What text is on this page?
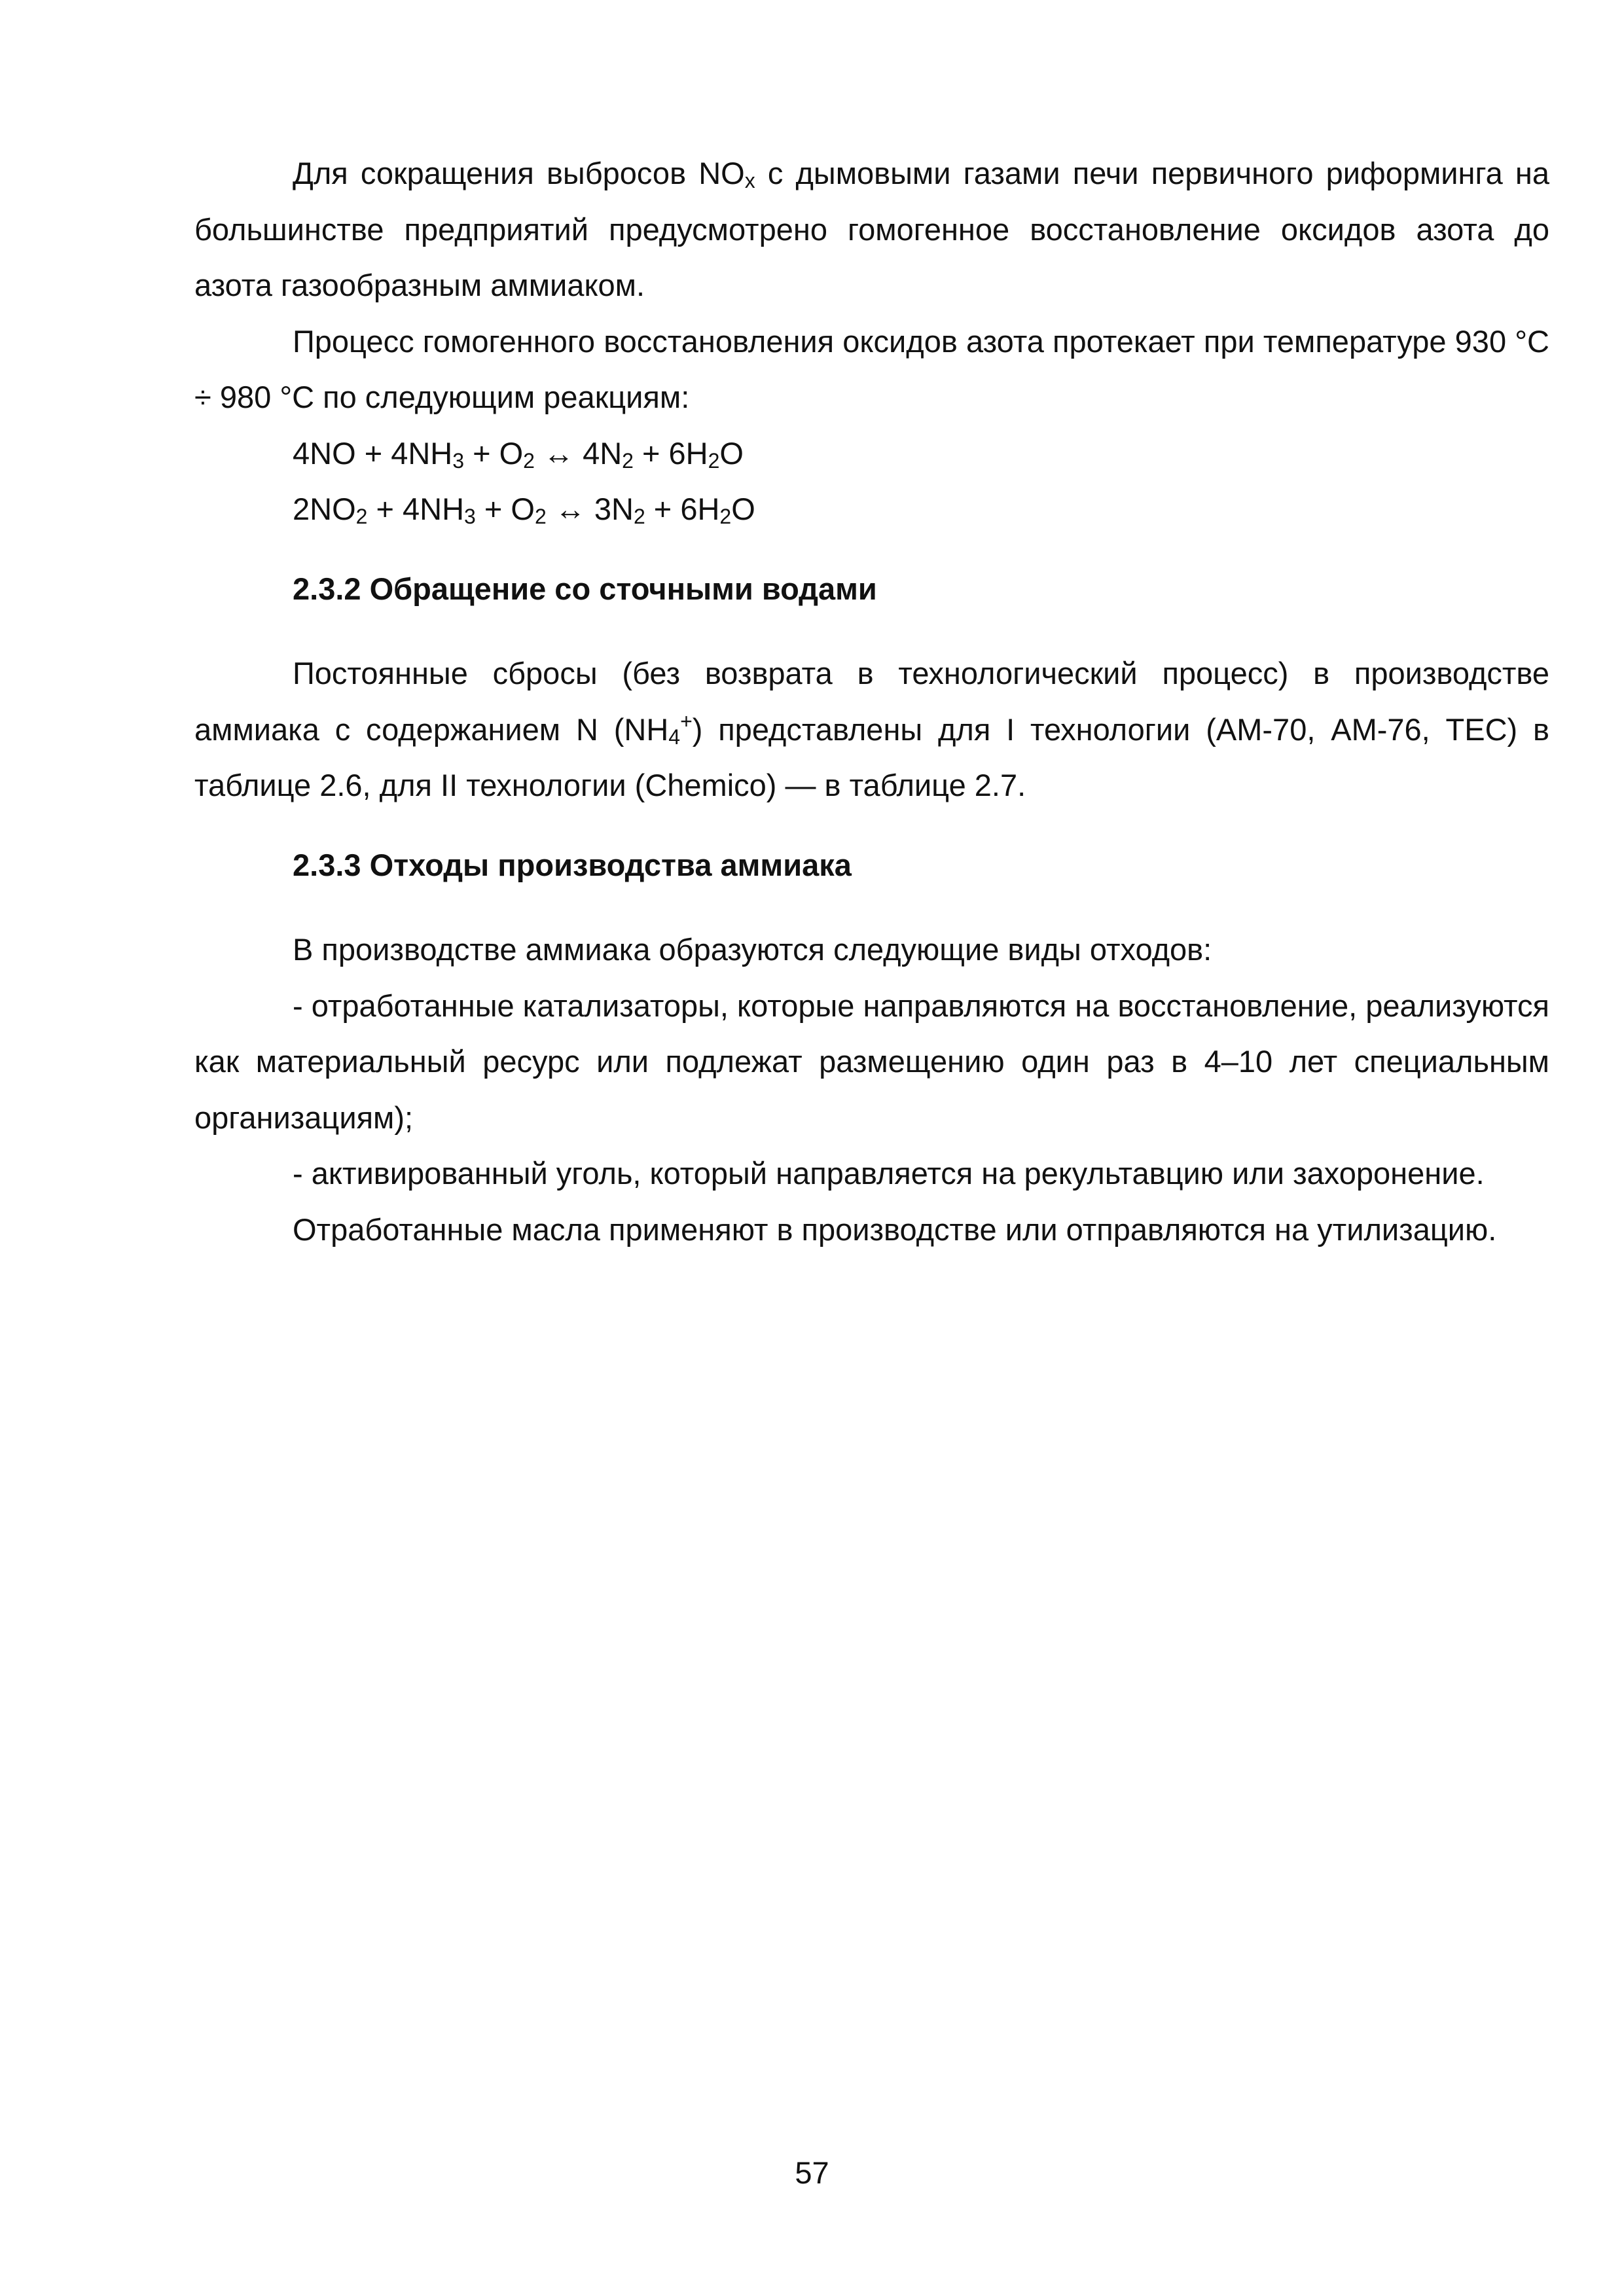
Для сокращения выбросов NOx с дымовыми газами печи первичного риформинга на большинстве предприятий предусмотрено гомогенное восстановление оксидов азота до азота газообразным аммиаком.

Процесс гомогенного восстановления оксидов азота протекает при температуре 930 °C ÷ 980 °C по следующим реакциям:

4NO + 4NH3 + O2 ↔ 4N2 + 6H2O

2NO2 + 4NH3 + O2 ↔ 3N2 + 6H2O

2.3.2 Обращение со сточными водами

Постоянные сбросы (без возврата в технологический процесс) в производстве аммиака с содержанием N (NH4+) представлены для I технологии (АМ-70, АМ-76, ТЕС) в таблице 2.6, для II технологии (Chemico) — в таблице 2.7.

2.3.3 Отходы производства аммиака

В производстве аммиака образуются следующие виды отходов:

- отработанные катализаторы, которые направляются на восстановление, реализуются как материальный ресурс или подлежат размещению один раз в 4–10 лет специальным организациям);

- активированный уголь, который направляется на рекультавцию или захоронение.

Отработанные масла применяют в производстве или отправляются на утилизацию.

57
